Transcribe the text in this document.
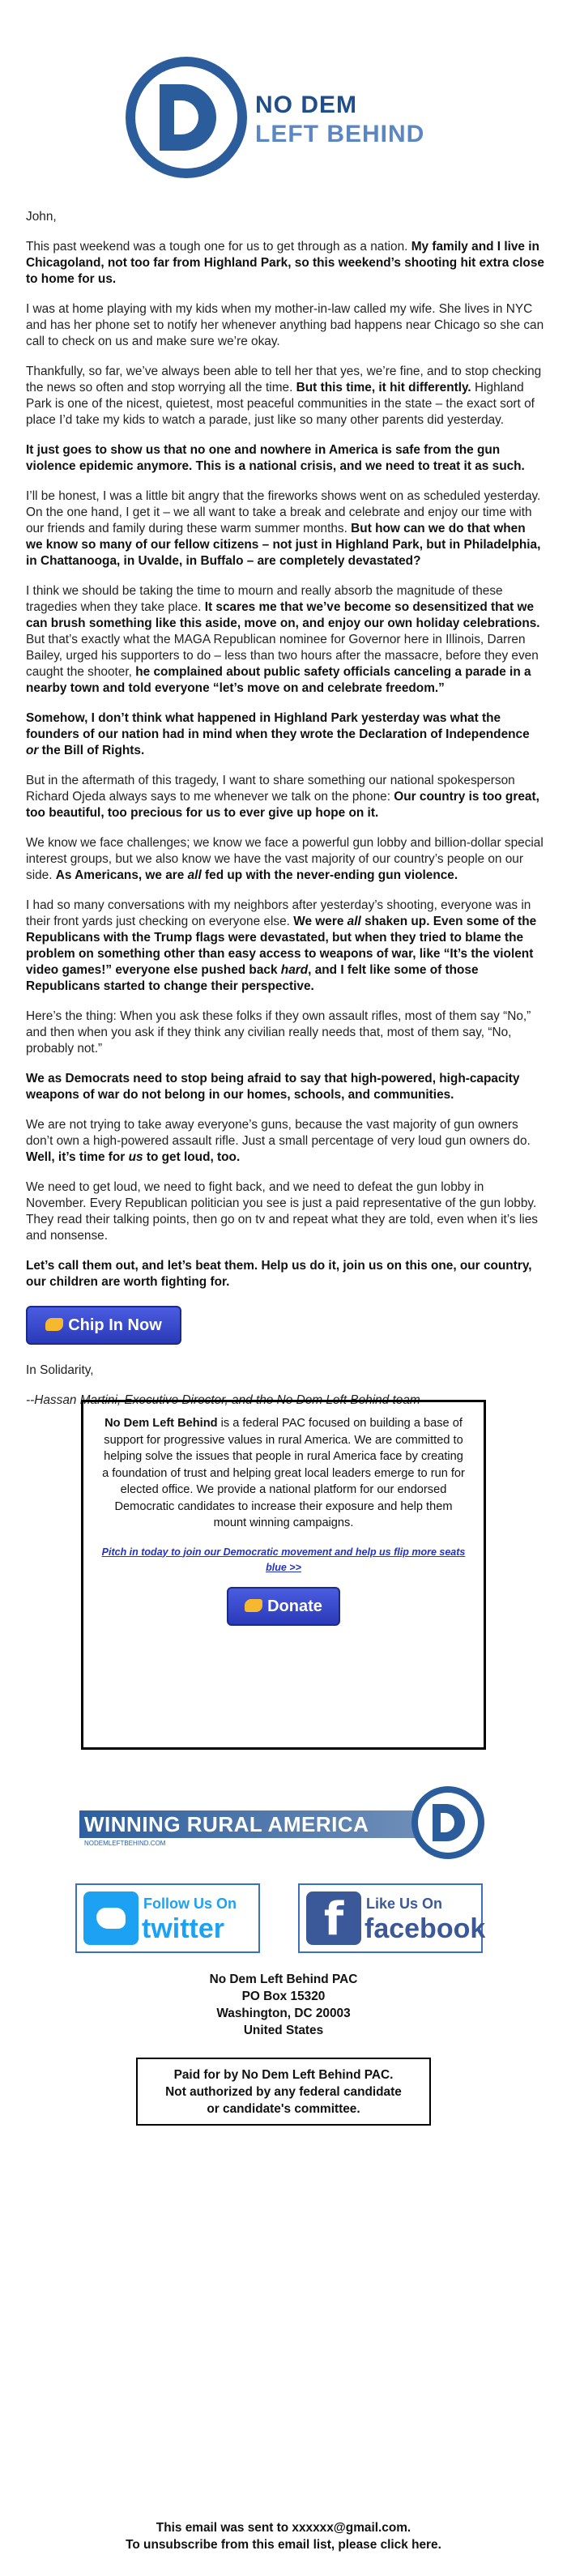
NO DEM
LEFT BEHIND

John,

This past weekend was a tough one for us to get through as a nation. My family and I live in Chicagoland, not too far from Highland Park, so this weekend’s shooting hit extra close to home for us.

I was at home playing with my kids when my mother-in-law called my wife. She lives in NYC and has her phone set to notify her whenever anything bad happens near Chicago so she can call to check on us and make sure we’re okay.

Thankfully, so far, we’ve always been able to tell her that yes, we’re fine, and to stop checking the news so often and stop worrying all the time. But this time, it hit differently. Highland Park is one of the nicest, quietest, most peaceful communities in the state – the exact sort of place I’d take my kids to watch a parade, just like so many other parents did yesterday.

It just goes to show us that no one and nowhere in America is safe from the gun violence epidemic anymore. This is a national crisis, and we need to treat it as such.

I’ll be honest, I was a little bit angry that the fireworks shows went on as scheduled yesterday.
On the one hand, I get it – we all want to take a break and celebrate and enjoy our time with our friends and family during these warm summer months. But how can we do that when we know so many of our fellow citizens – not just in Highland Park, but in Philadelphia, in Chattanooga, in Uvalde, in Buffalo – are completely devastated?

I think we should be taking the time to mourn and really absorb the magnitude of these tragedies when they take place. It scares me that we’ve become so desensitized that we can brush something like this aside, move on, and enjoy our own holiday celebrations. But that’s exactly what the MAGA Republican nominee for Governor here in Illinois, Darren Bailey, urged his supporters to do – less than two hours after the massacre, before they even caught the shooter, he complained about public safety officials canceling a parade in a nearby town and told everyone “let’s move on and celebrate freedom.”

Somehow, I don’t think what happened in Highland Park yesterday was what the founders of our nation had in mind when they wrote the Declaration of Independence or the Bill of Rights.

But in the aftermath of this tragedy, I want to share something our national spokesperson Richard Ojeda always says to me whenever we talk on the phone: Our country is too great, too beautiful, too precious for us to ever give up hope on it.

We know we face challenges; we know we face a powerful gun lobby and billion-dollar special interest groups, but we also know we have the vast majority of our country’s people on our side. As Americans, we are all fed up with the never-ending gun violence.

I had so many conversations with my neighbors after yesterday’s shooting, everyone was in their front yards just checking on everyone else. We were all shaken up. Even some of the Republicans with the Trump flags were devastated, but when they tried to blame the problem on something other than easy access to weapons of war, like “It’s the violent video games!” everyone else pushed back hard, and I felt like some of those Republicans started to change their perspective.

Here’s the thing: When you ask these folks if they own assault rifles, most of them say “No,” and then when you ask if they think any civilian really needs that, most of them say, “No, probably not.”

We as Democrats need to stop being afraid to say that high-powered, high-capacity weapons of war do not belong in our homes, schools, and communities.

We are not trying to take away everyone’s guns, because the vast majority of gun owners don’t own a high-powered assault rifle. Just a small percentage of very loud gun owners do. Well, it’s time for us to get loud, too.

We need to get loud, we need to fight back, and we need to defeat the gun lobby in November. Every Republican politician you see is just a paid representative of the gun lobby. They read their talking points, then go on tv and repeat what they are told, even when it’s lies and nonsense.

Let’s call them out, and let’s beat them. Help us do it, join us on this one, our country, our children are worth fighting for.

Chip In Now

In Solidarity,

--Hassan Martini, Executive Director, and the No Dem Left Behind team

No Dem Left Behind is a federal PAC focused on building a base of support for progressive values in rural America. We are committed to helping solve the issues that people in rural America face by creating a foundation of trust and helping great local leaders emerge to run for elected office. We provide a national platform for our endorsed Democratic candidates to increase their exposure and help them mount winning campaigns.
Pitch in today to join our Democratic movement and help us flip more seats blue >>
Donate
WINNING RURAL AMERICA
NODEMLEFTBEHIND.COM
Follow Us On
twitter	f	Like Us On
facebook
No Dem Left Behind PAC
PO Box 15320
Washington, DC 20003
United States
Paid for by No Dem Left Behind PAC.
Not authorized by any federal candidate
or candidate's committee.
This email was sent to xxxxxx@gmail.com.
To unsubscribe from this email list, please click here.
